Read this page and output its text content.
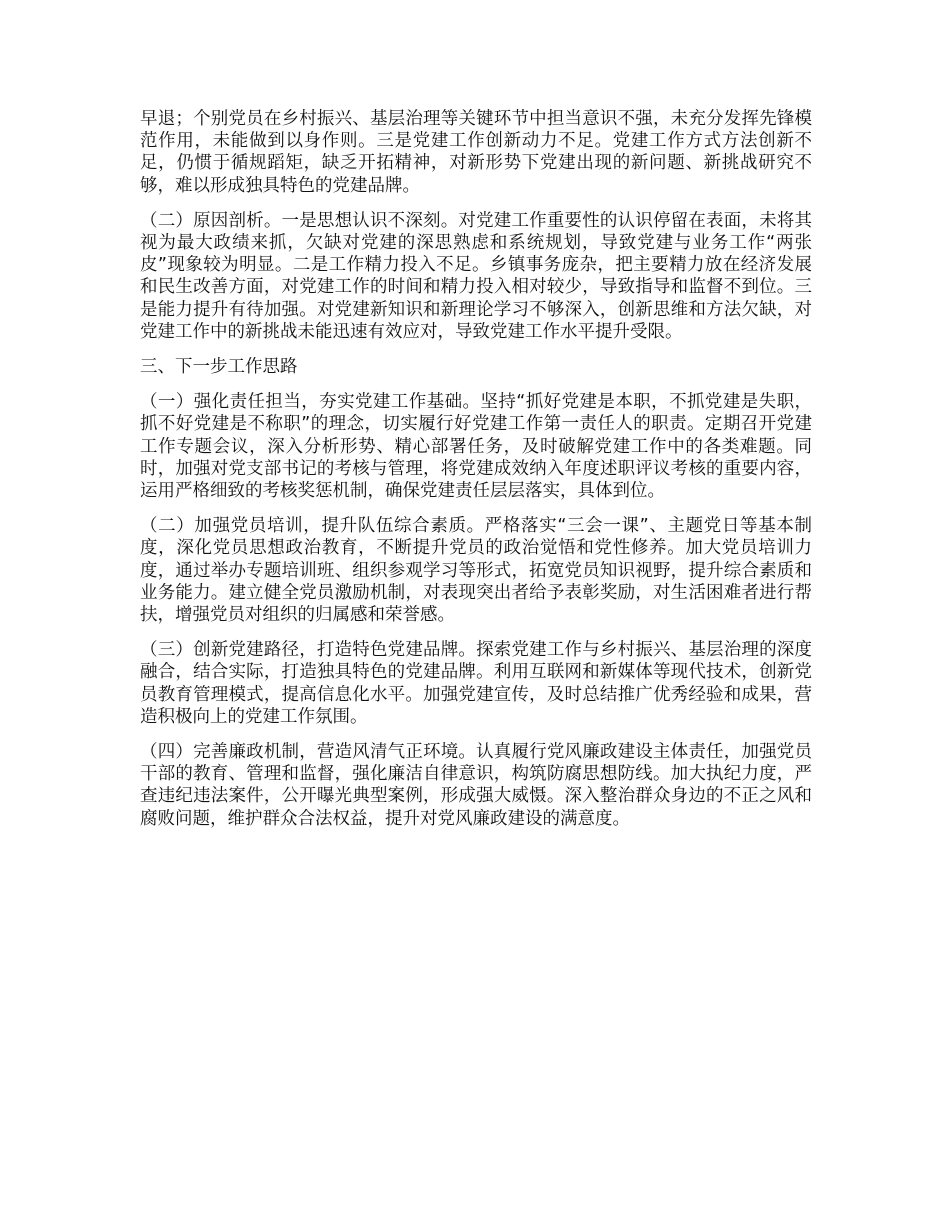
早退；个别党员在乡村振兴、基层治理等关键环节中担当意识不强，未充分发挥先锋模范作用，未能做到以身作则。三是党建工作创新动力不足。党建工作方式方法创新不足，仍惯于循规蹈矩，缺乏开拓精神，对新形势下党建出现的新问题、新挑战研究不够，难以形成独具特色的党建品牌。

（二）原因剖析。一是思想认识不深刻。对党建工作重要性的认识停留在表面，未将其视为最大政绩来抓，欠缺对党建的深思熟虑和系统规划，导致党建与业务工作“两张皮”现象较为明显。二是工作精力投入不足。乡镇事务庞杂，把主要精力放在经济发展和民生改善方面，对党建工作的时间和精力投入相对较少，导致指导和监督不到位。三是能力提升有待加强。对党建新知识和新理论学习不够深入，创新思维和方法欠缺，对党建工作中的新挑战未能迅速有效应对，导致党建工作水平提升受限。

三、下一步工作思路

（一）强化责任担当，夯实党建工作基础。坚持“抓好党建是本职，不抓党建是失职，抓不好党建是不称职”的理念，切实履行好党建工作第一责任人的职责。定期召开党建工作专题会议，深入分析形势、精心部署任务，及时破解党建工作中的各类难题。同时，加强对党支部书记的考核与管理，将党建成效纳入年度述职评议考核的重要内容，运用严格细致的考核奖惩机制，确保党建责任层层落实，具体到位。

（二）加强党员培训，提升队伍综合素质。严格落实“三会一课”、主题党日等基本制度，深化党员思想政治教育，不断提升党员的政治觉悟和党性修养。加大党员培训力度，通过举办专题培训班、组织参观学习等形式，拓宽党员知识视野，提升综合素质和业务能力。建立健全党员激励机制，对表现突出者给予表彰奖励，对生活困难者进行帮扶，增强党员对组织的归属感和荣誉感。

（三）创新党建路径，打造特色党建品牌。探索党建工作与乡村振兴、基层治理的深度融合，结合实际，打造独具特色的党建品牌。利用互联网和新媒体等现代技术，创新党员教育管理模式，提高信息化水平。加强党建宣传，及时总结推广优秀经验和成果，营造积极向上的党建工作氛围。

（四）完善廉政机制，营造风清气正环境。认真履行党风廉政建设主体责任，加强党员干部的教育、管理和监督，强化廉洁自律意识，构筑防腐思想防线。加大执纪力度，严查违纪违法案件，公开曝光典型案例，形成强大威慑。深入整治群众身边的不正之风和腐败问题，维护群众合法权益，提升对党风廉政建设的满意度。
